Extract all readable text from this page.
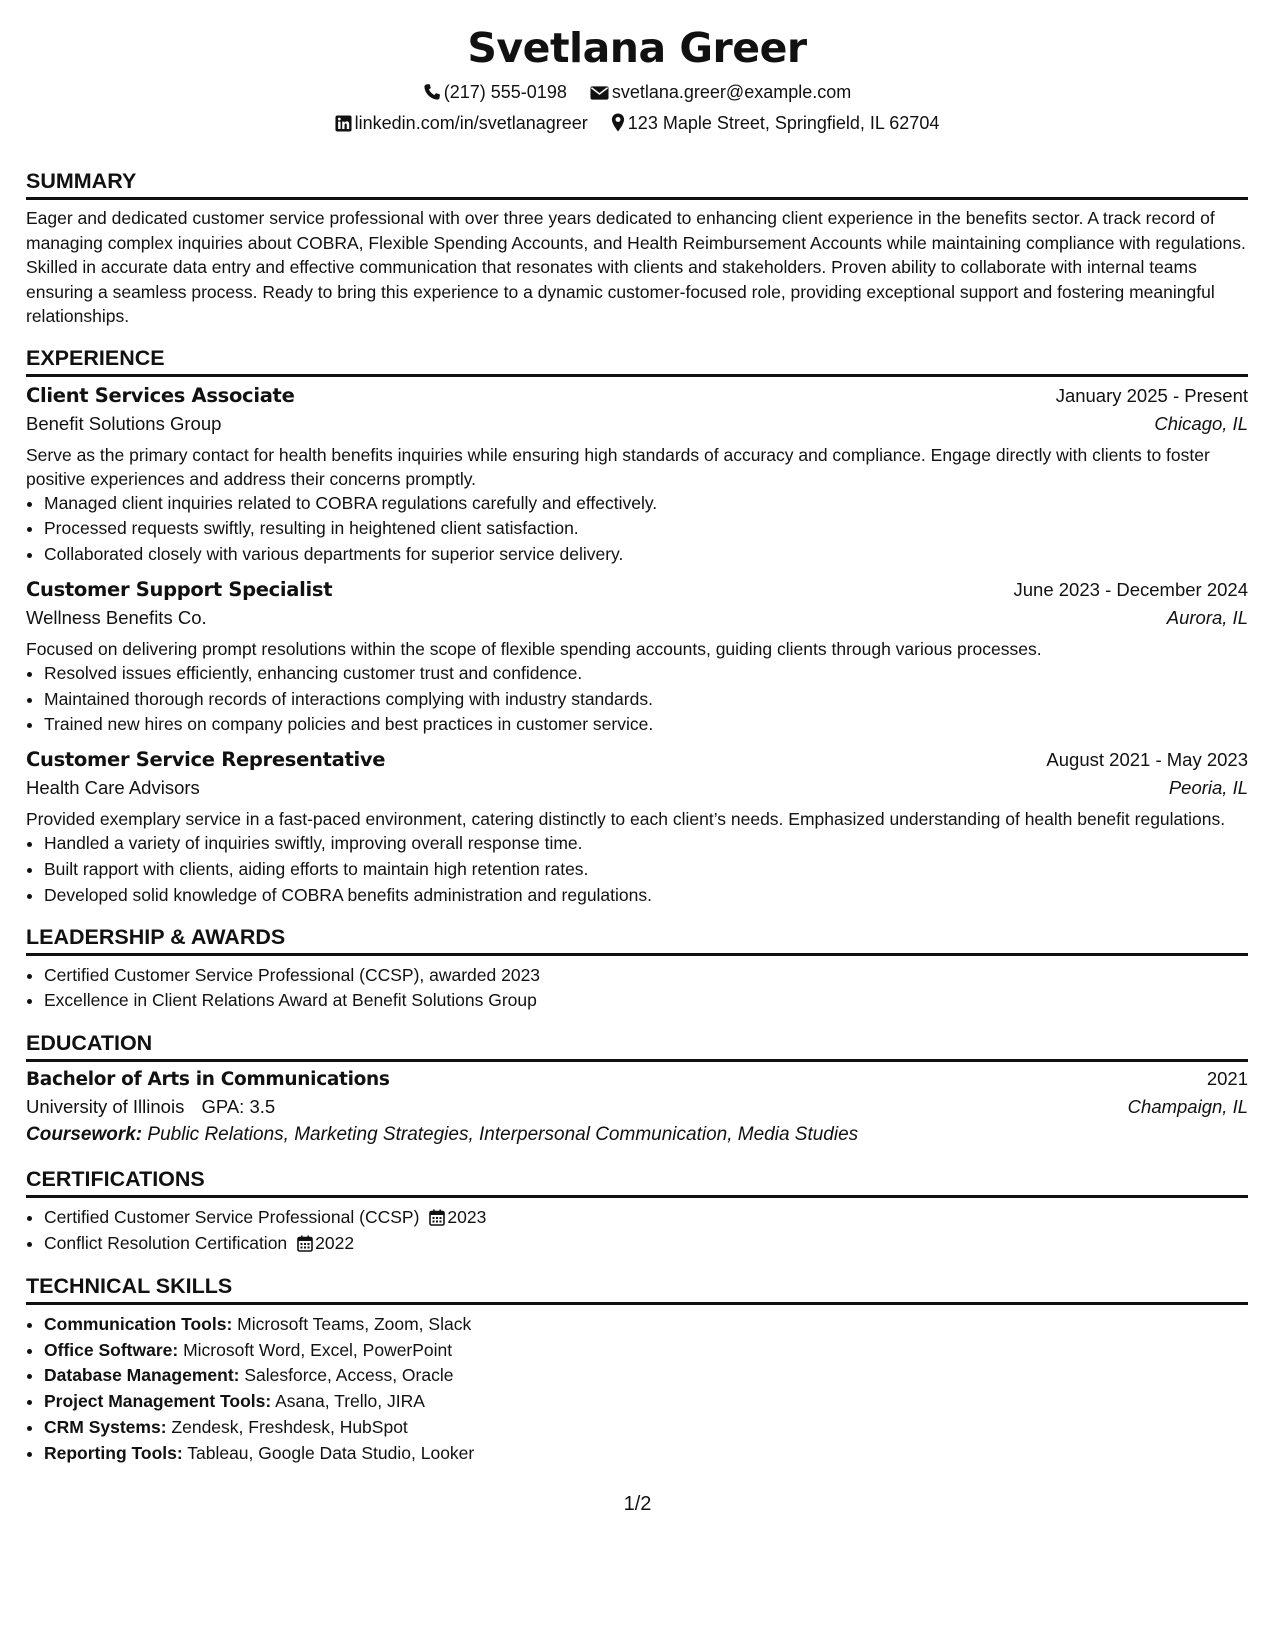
Svetlana Greer
(217) 555-0198	svetlana.greer@example.com
linkedin.com/in/svetlanagreer 123 Maple Street, Springfield, IL 62704
SUMMARY

Eager and dedicated customer service professional with over three years dedicated to enhancing client experience in the benefits sector. A track record of managing complex inquiries about COBRA, Flexible Spending Accounts, and Health Reimbursement Accounts while maintaining compliance with regulations. Skilled in accurate data entry and effective communication that resonates with clients and stakeholders. Proven ability to collaborate with internal teams ensuring a seamless process. Ready to bring this experience to a dynamic customer-focused role, providing exceptional support and fostering meaningful relationships.

EXPERIENCE
Client Services Associate	January 2025 - Present
Benefit Solutions Group	Chicago, IL

Serve as the primary contact for health benefits inquiries while ensuring high standards of accuracy and compliance. Engage directly with clients to foster positive experiences and address their concerns promptly.

• Managed client inquiries related to COBRA regulations carefully and effectively.
• Processed requests swiftly, resulting in heightened client satisfaction.
• Collaborated closely with various departments for superior service delivery.
Customer Support Specialist	June 2023 - December 2024
Wellness Benefits Co.	Aurora, IL

Focused on delivering prompt resolutions within the scope of flexible spending accounts, guiding clients through various processes.

• Resolved issues efficiently, enhancing customer trust and confidence.
• Maintained thorough records of interactions complying with industry standards.
• Trained new hires on company policies and best practices in customer service.
Customer Service Representative	August 2021 - May 2023
Health Care Advisors	Peoria, IL

Provided exemplary service in a fast-paced environment, catering distinctly to each client’s needs. Emphasized understanding of health benefit regulations.

• Handled a variety of inquiries swiftly, improving overall response time.
• Built rapport with clients, aiding efforts to maintain high retention rates.
• Developed solid knowledge of COBRA benefits administration and regulations.
LEADERSHIP & AWARDS
• Certified Customer Service Professional (CCSP), awarded 2023
• Excellence in Client Relations Award at Benefit Solutions Group
EDUCATION
Bachelor of Arts in Communications	2021
University of Illinois GPA: 3.5	Champaign, IL
Coursework: Public Relations, Marketing Strategies, Interpersonal Communication, Media Studies
CERTIFICATIONS
• Certified Customer Service Professional (CCSP) 2023
• Conflict Resolution Certification 2022
TECHNICAL SKILLS
• Communication Tools: Microsoft Teams, Zoom, Slack
• Office Software: Microsoft Word, Excel, PowerPoint
• Database Management: Salesforce, Access, Oracle
• Project Management Tools: Asana, Trello, JIRA
• CRM Systems: Zendesk, Freshdesk, HubSpot
• Reporting Tools: Tableau, Google Data Studio, Looker
1/2
